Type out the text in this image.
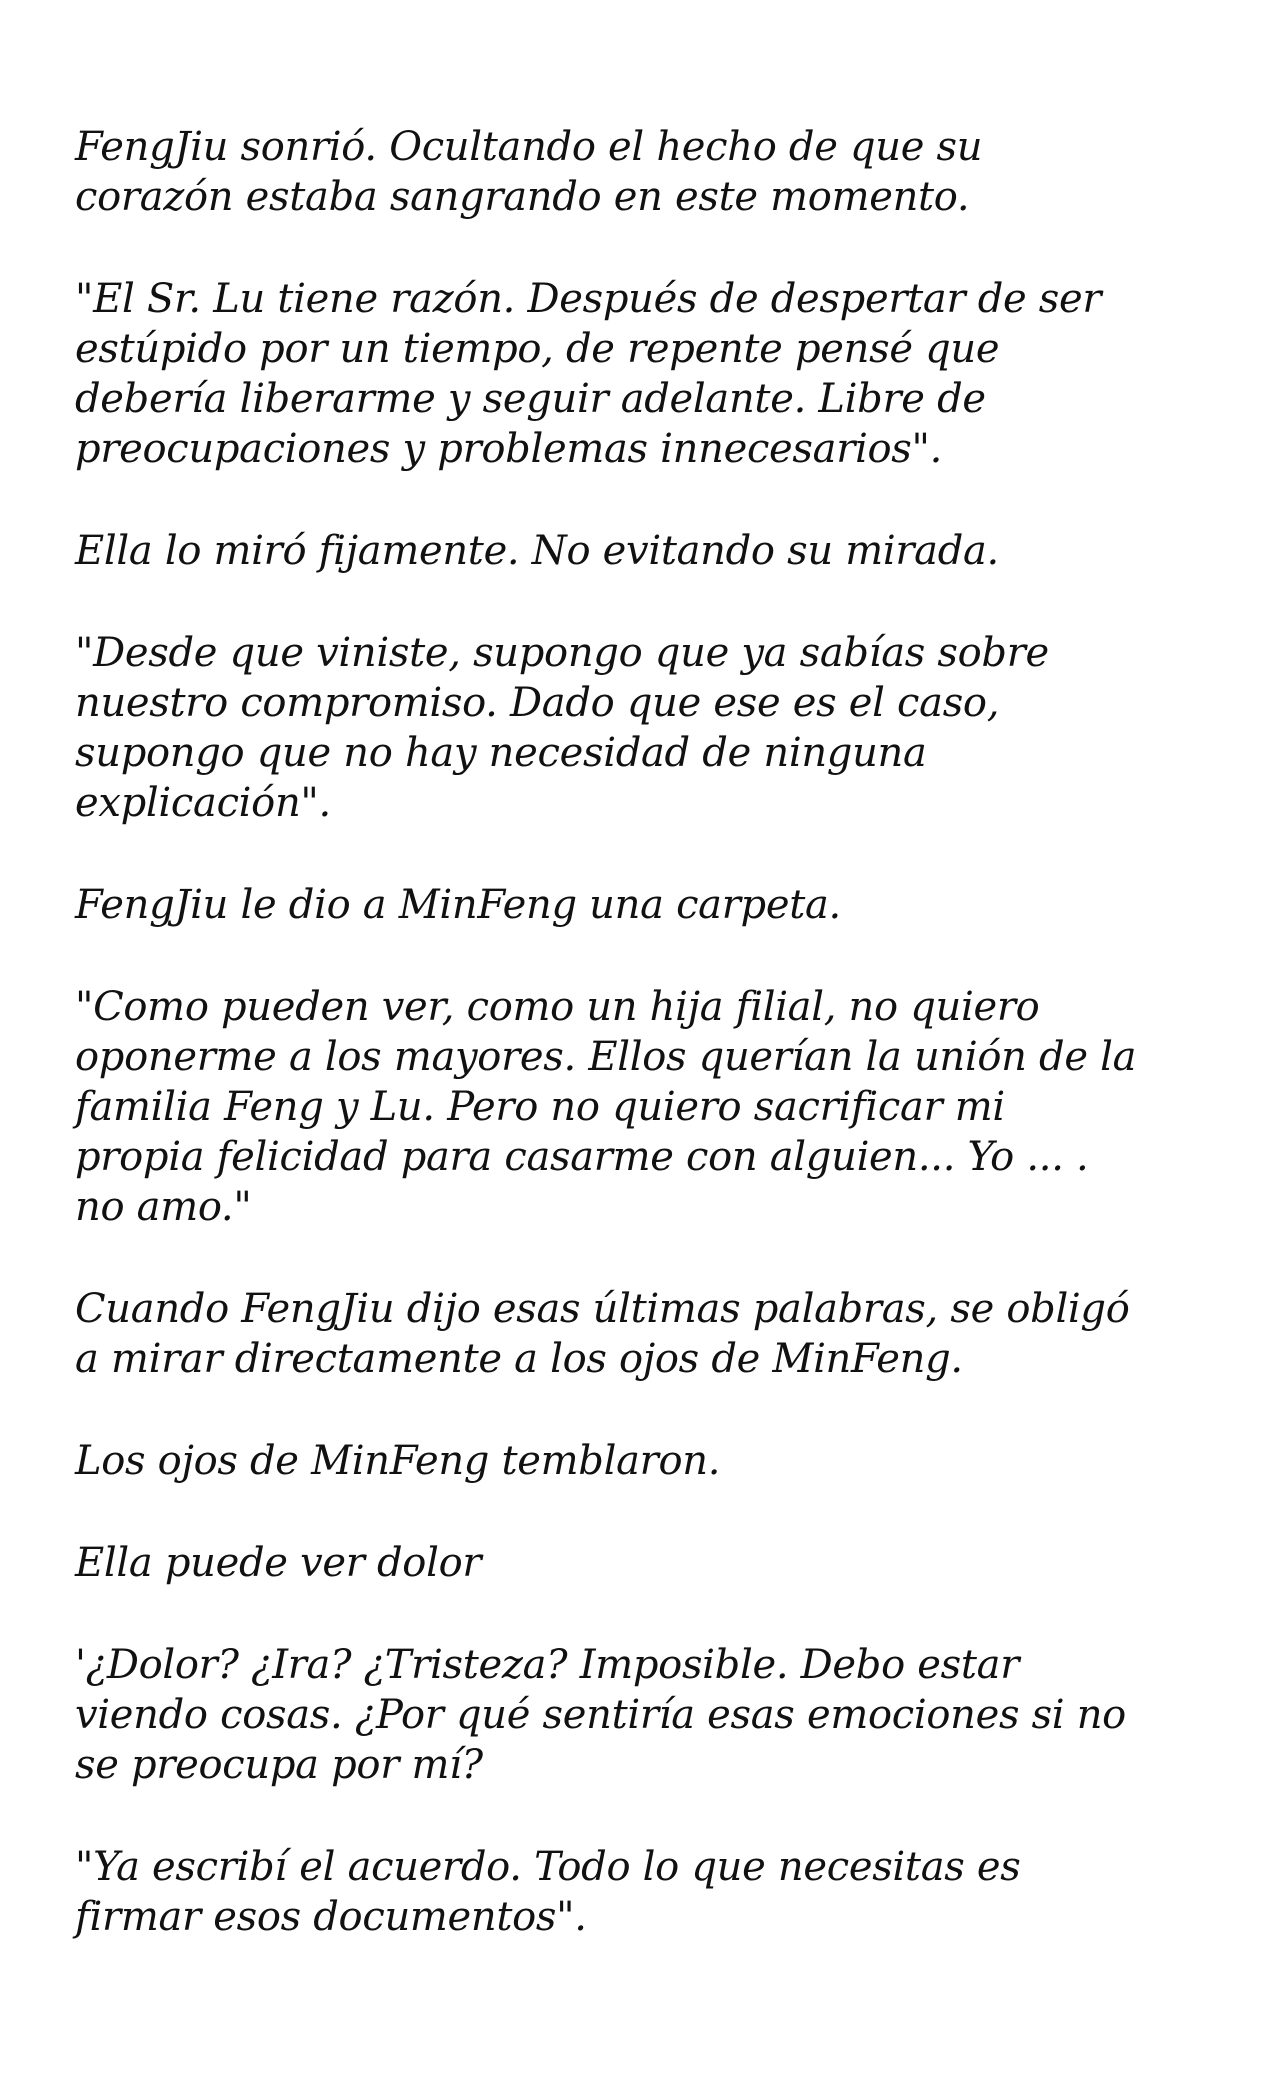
FengJiu sonrió. Ocultando el hecho de que su
corazón estaba sangrando en este momento.

"El Sr. Lu tiene razón. Después de despertar de ser
estúpido por un tiempo, de repente pensé que
debería liberarme y seguir adelante. Libre de
preocupaciones y problemas innecesarios".

Ella lo miró fijamente. No evitando su mirada.

"Desde que viniste, supongo que ya sabías sobre
nuestro compromiso. Dado que ese es el caso,
supongo que no hay necesidad de ninguna
explicación".

FengJiu le dio a MinFeng una carpeta.

"Como pueden ver, como un hija filial, no quiero
oponerme a los mayores. Ellos querían la unión de la
familia Feng y Lu. Pero no quiero sacrificar mi
propia felicidad para casarme con alguien... Yo ... .
no amo."

Cuando FengJiu dijo esas últimas palabras, se obligó
a mirar directamente a los ojos de MinFeng.

Los ojos de MinFeng temblaron.

Ella puede ver dolor

'¿Dolor? ¿Ira? ¿Tristeza? Imposible. Debo estar
viendo cosas. ¿Por qué sentiría esas emociones si no
se preocupa por mí?

"Ya escribí el acuerdo. Todo lo que necesitas es
firmar esos documentos".
